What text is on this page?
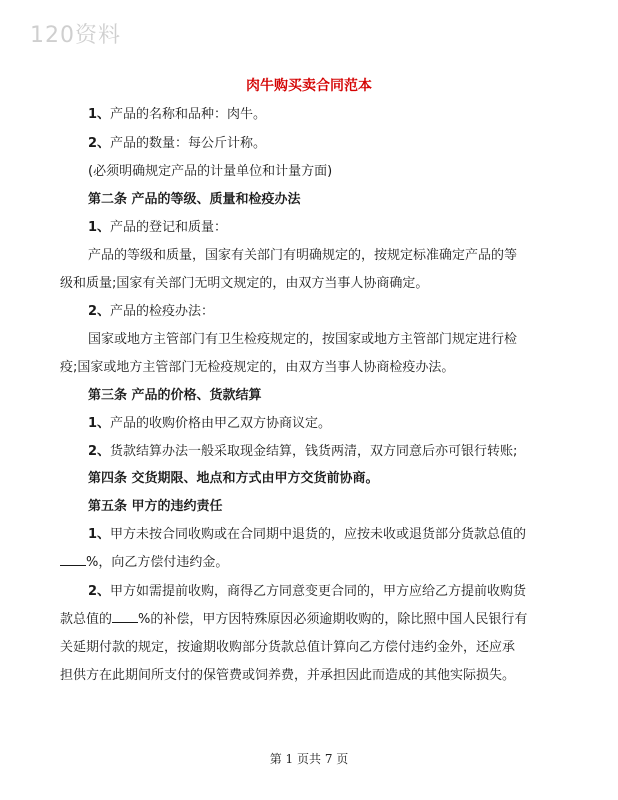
120资料
肉牛购买卖合同范本
1、产品的名称和品种：肉牛。
2、产品的数量：每公斤计称。
(必须明确规定产品的计量单位和计量方面)
第二条 产品的等级、质量和检疫办法
1、产品的登记和质量：
产品的等级和质量，国家有关部门有明确规定的，按规定标准确定产品的等
级和质量;国家有关部门无明文规定的，由双方当事人协商确定。
2、产品的检疫办法：
国家或地方主管部门有卫生检疫规定的，按国家或地方主管部门规定进行检
疫;国家或地方主管部门无检疫规定的，由双方当事人协商检疫办法。
第三条 产品的价格、货款结算
1、产品的收购价格由甲乙双方协商议定。
2、货款结算办法一般采取现金结算，钱货两清，双方同意后亦可银行转账;
第四条 交货期限、地点和方式由甲方交货前协商。
第五条 甲方的违约责任
1、甲方未按合同收购或在合同期中退货的，应按未收或退货部分货款总值的
%，向乙方偿付违约金。
2、甲方如需提前收购，商得乙方同意变更合同的，甲方应给乙方提前收购货
款总值的 %的补偿，甲方因特殊原因必须逾期收购的，除比照中国人民银行有
关延期付款的规定，按逾期收购部分货款总值计算向乙方偿付违约金外，还应承
担供方在此期间所支付的保管费或饲养费，并承担因此而造成的其他实际损失。
第 1 页共 7 页
